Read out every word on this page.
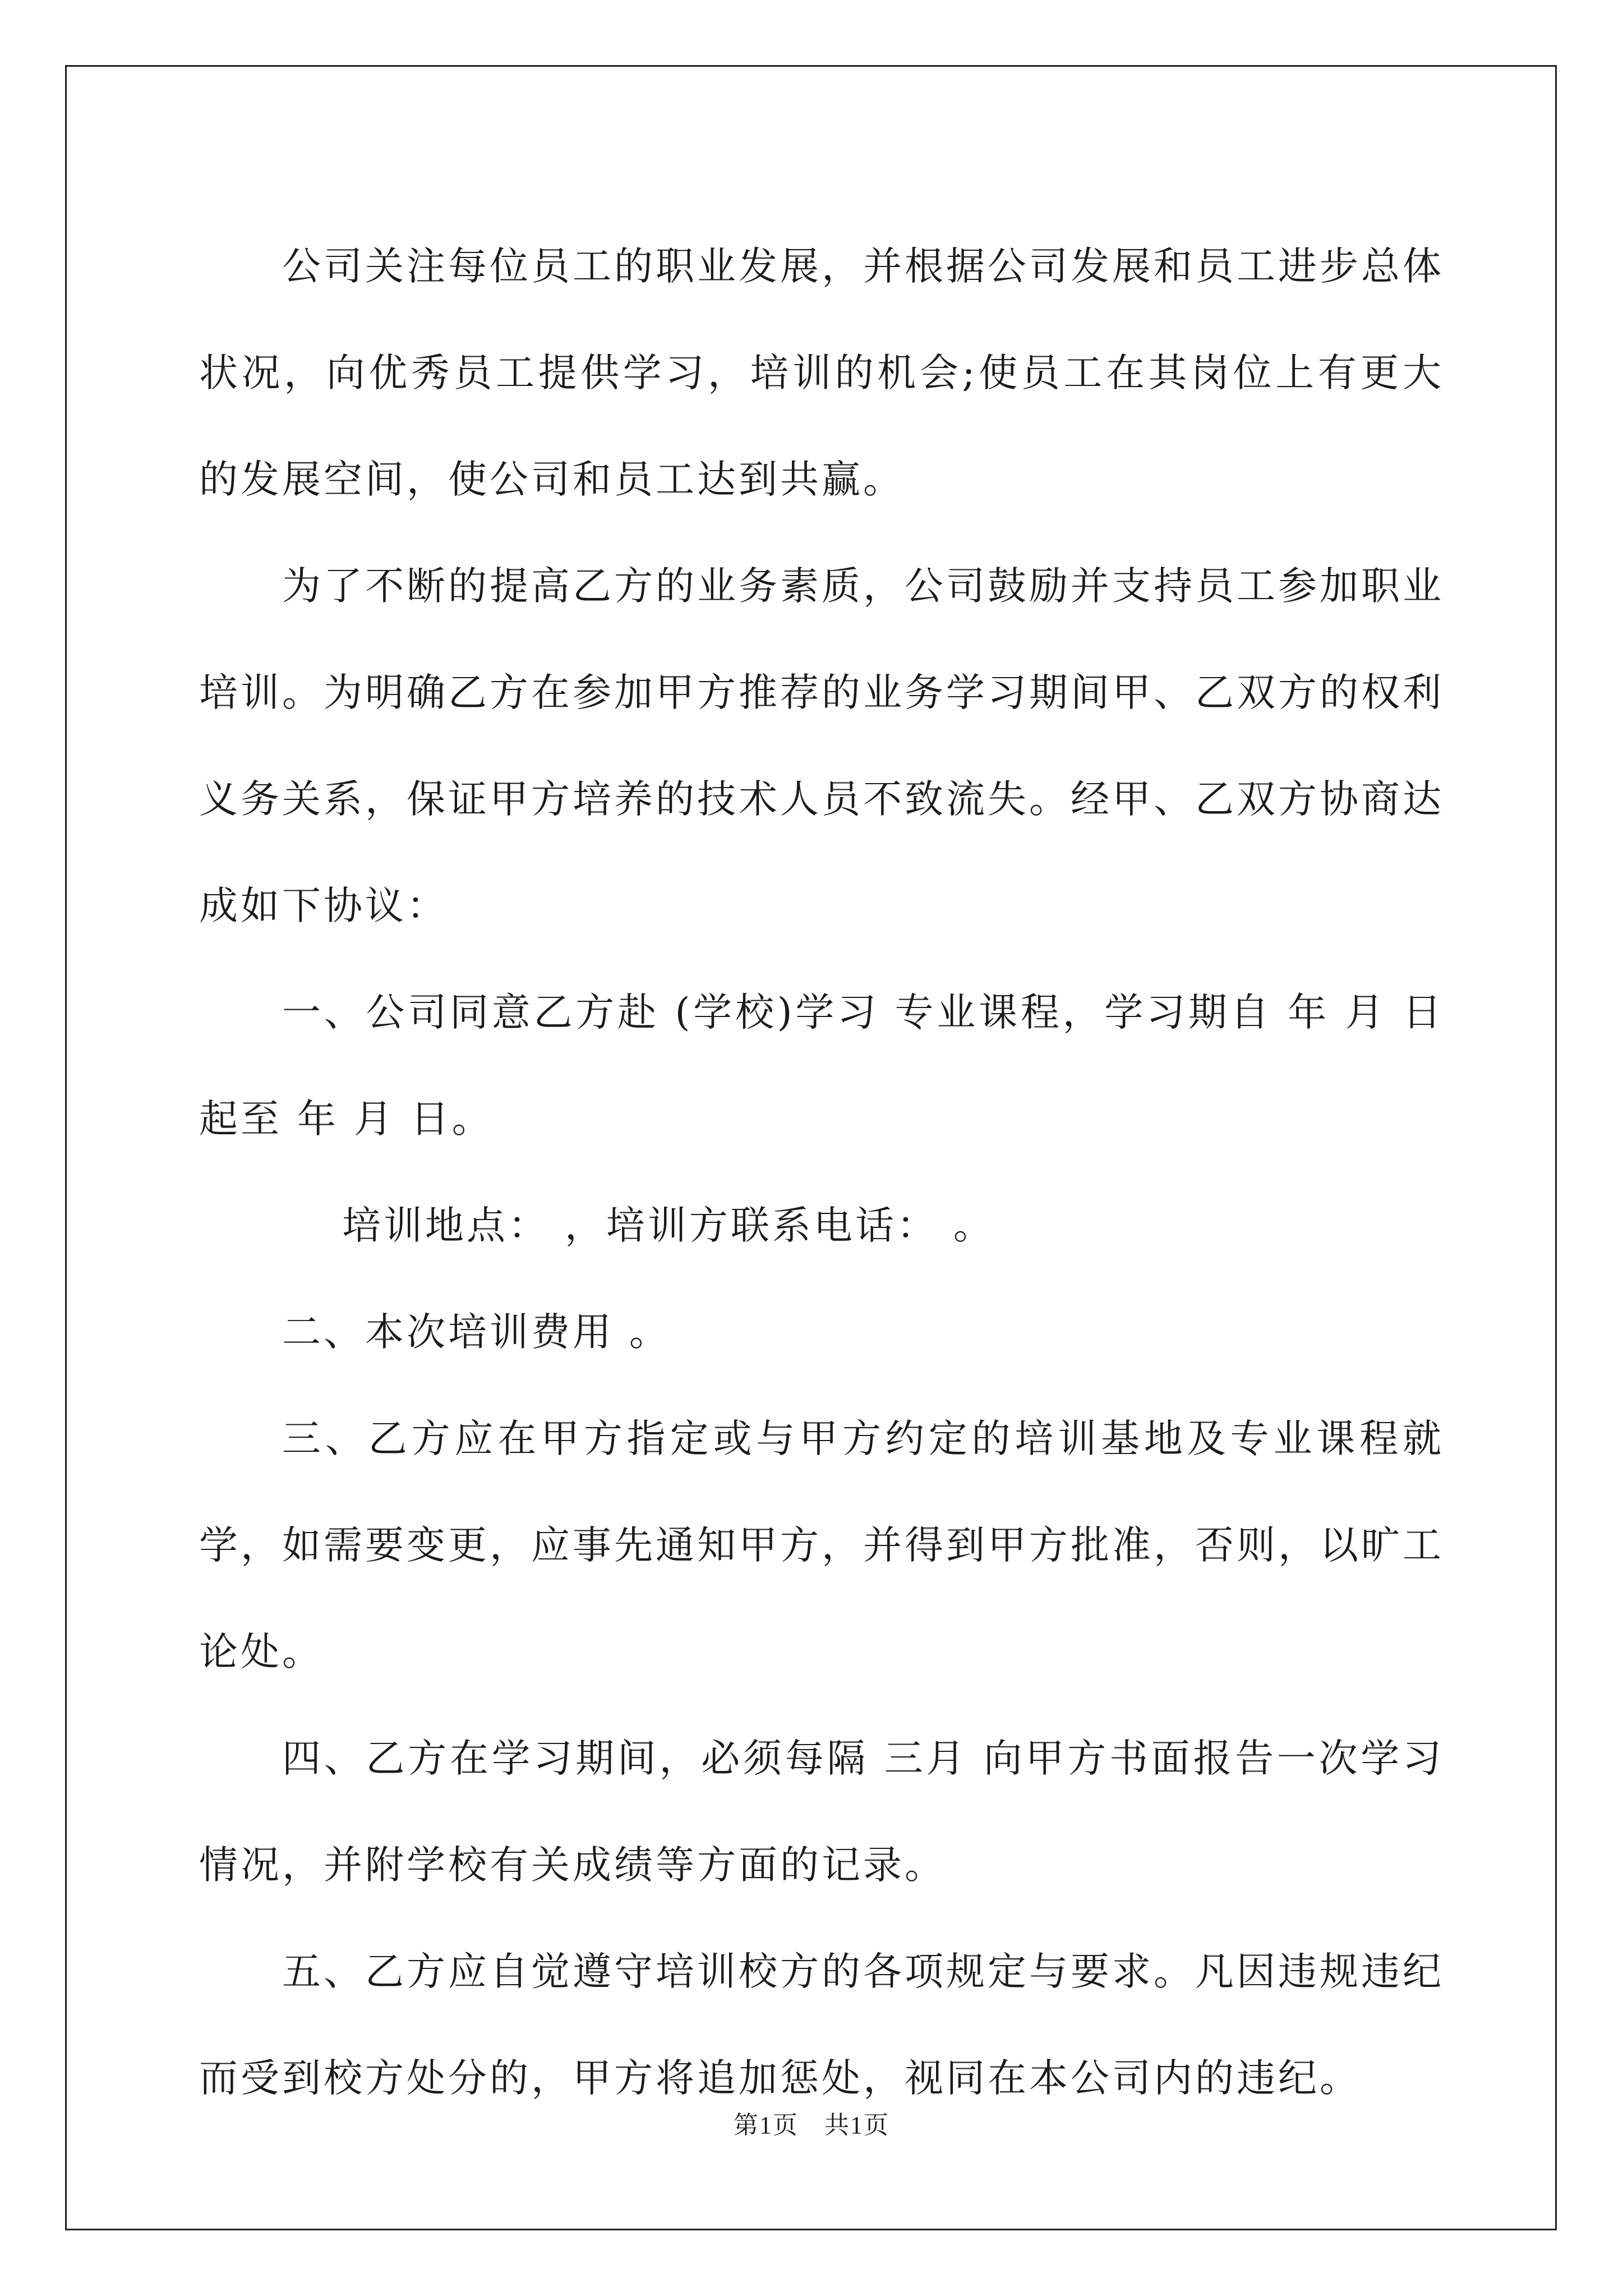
公司关注每位员工的职业发展，并根据公司发展和员工进步总体状况，向优秀员工提供学习，培训的机会;使员工在其岗位上有更大的发展空间，使公司和员工达到共赢。

为了不断的提高乙方的业务素质，公司鼓励并支持员工参加职业培训。为明确乙方在参加甲方推荐的业务学习期间甲、乙双方的权利义务关系，保证甲方培养的技术人员不致流失。经甲、乙双方协商达成如下协议：

一、公司同意乙方赴 (学校)学习 专业课程，学习期自 年 月 日起至 年 月 日。

培训地点： ，培训方联系电话： 。

二、本次培训费用 。

三、乙方应在甲方指定或与甲方约定的培训基地及专业课程就学，如需要变更，应事先通知甲方，并得到甲方批准，否则，以旷工论处。

四、乙方在学习期间，必须每隔 三月 向甲方书面报告一次学习情况，并附学校有关成绩等方面的记录。

五、乙方应自觉遵守培训校方的各项规定与要求。凡因违规违纪而受到校方处分的，甲方将追加惩处，视同在本公司内的违纪。

第1页　共1页
